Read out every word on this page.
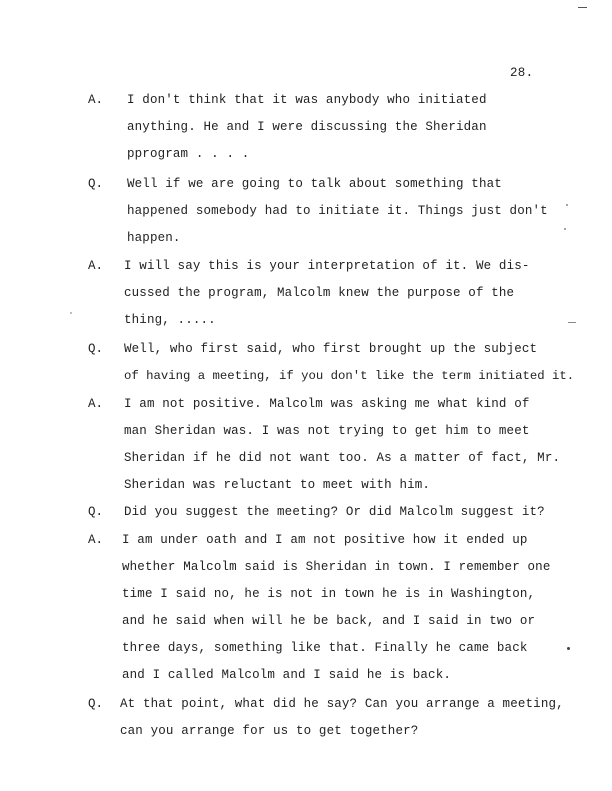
28.
A. I don't think that it was anybody who initiated
anything. He and I were discussing the Sheridan
pprogram . . . .
Q. Well if we are going to talk about something that
happened somebody had to initiate it. Things just don't
happen.
A. I will say this is your interpretation of it. We dis-
cussed the program, Malcolm knew the purpose of the
thing, .....
Q. Well, who first said, who first brought up the subject
of having a meeting, if you don't like the term initiated it.
A. I am not positive. Malcolm was asking me what kind of
man Sheridan was. I was not trying to get him to meet
Sheridan if he did not want too. As a matter of fact, Mr.
Sheridan was reluctant to meet with him.
Q. Did you suggest the meeting? Or did Malcolm suggest it?
A. I am under oath and I am not positive how it ended up
whether Malcolm said is Sheridan in town. I remember one
time I said no, he is not in town he is in Washington,
and he said when will he be back, and I said in two or
three days, something like that. Finally he came back
and I called Malcolm and I said he is back.
Q. At that point, what did he say? Can you arrange a meeting,
can you arrange for us to get together?
